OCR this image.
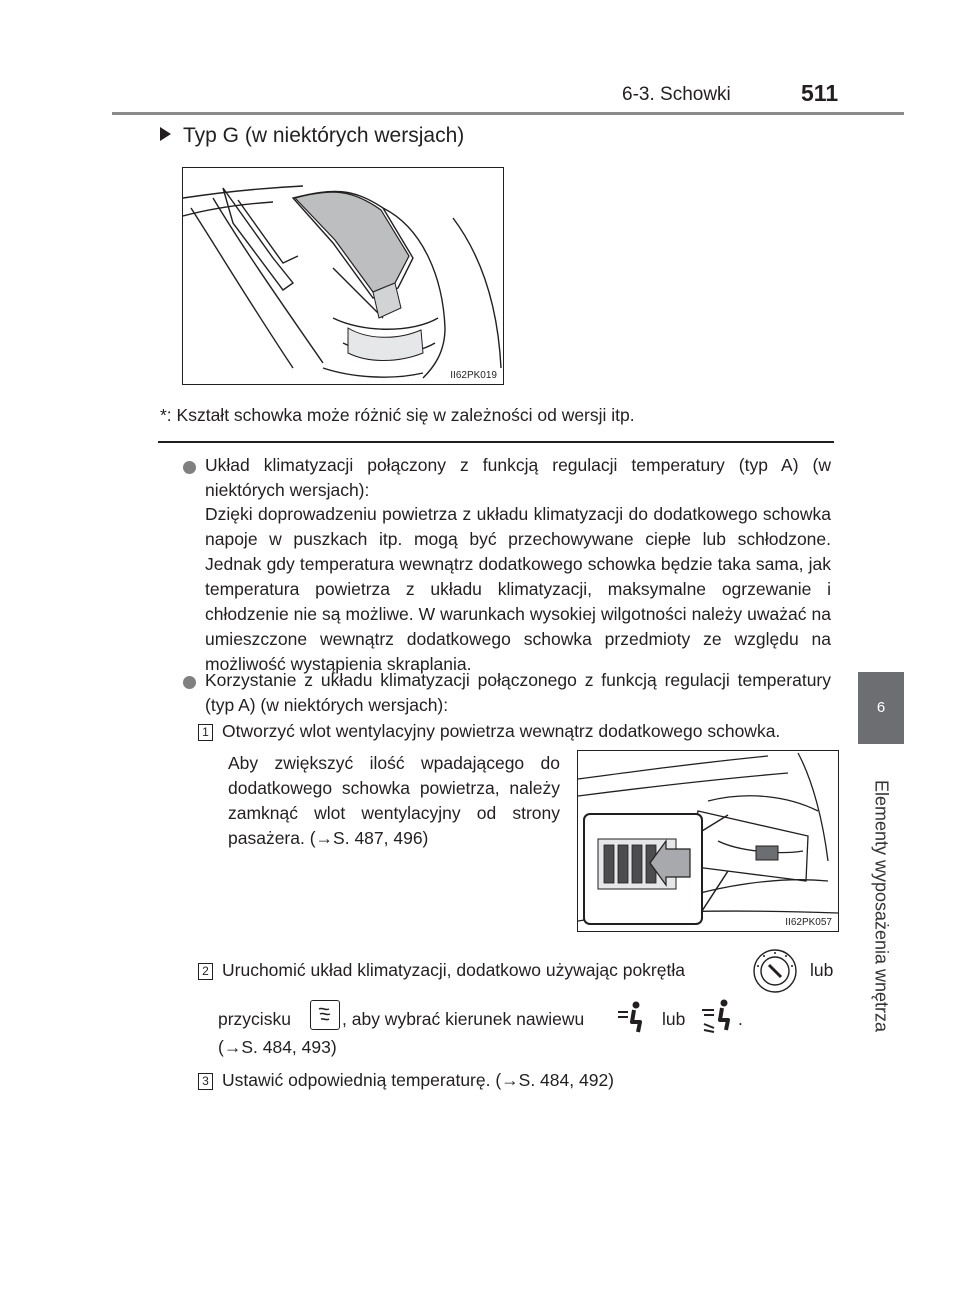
6-3. Schowki	511
6
Elementy wyposażenia wnętrza
Typ G (w niektórych wersjach)
II62PK019
*: Kształt schowka może różnić się w zależności od wersji itp.
Układ klimatyzacji połączony z funkcją regulacji temperatury (typ A) (w niektórych wersjach):
Dzięki doprowadzeniu powietrza z układu klimatyzacji do dodatkowego schowka napoje w puszkach itp. mogą być przechowywane ciepłe lub schłodzone. Jednak gdy temperatura wewnątrz dodatkowego schowka będzie taka sama, jak temperatura powietrza z układu klimatyzacji, maksymalne ogrzewanie i chłodzenie nie są możliwe. W warunkach wysokiej wilgotności należy uważać na umieszczone wewnątrz dodatkowego schowka przedmioty ze względu na możliwość wystąpienia skraplania.
Korzystanie z układu klimatyzacji połączonego z funkcją regulacji temperatury (typ A) (w niektórych wersjach):
1 Otworzyć wlot wentylacyjny powietrza wewnątrz dodatkowego schowka.
Aby zwiększyć ilość wpadającego do dodatkowego schowka powietrza, należy zamknąć wlot wentylacyjny od strony pasażera. (→S. 487, 496)
II62PK057
2 Uruchomić układ klimatyzacji, dodatkowo używając pokrętła	lub
przycisku	, aby wybrać kierunek nawiewu	lub	.
(→S. 484, 493)
3 Ustawić odpowiednią temperaturę. (→S. 484, 492)
